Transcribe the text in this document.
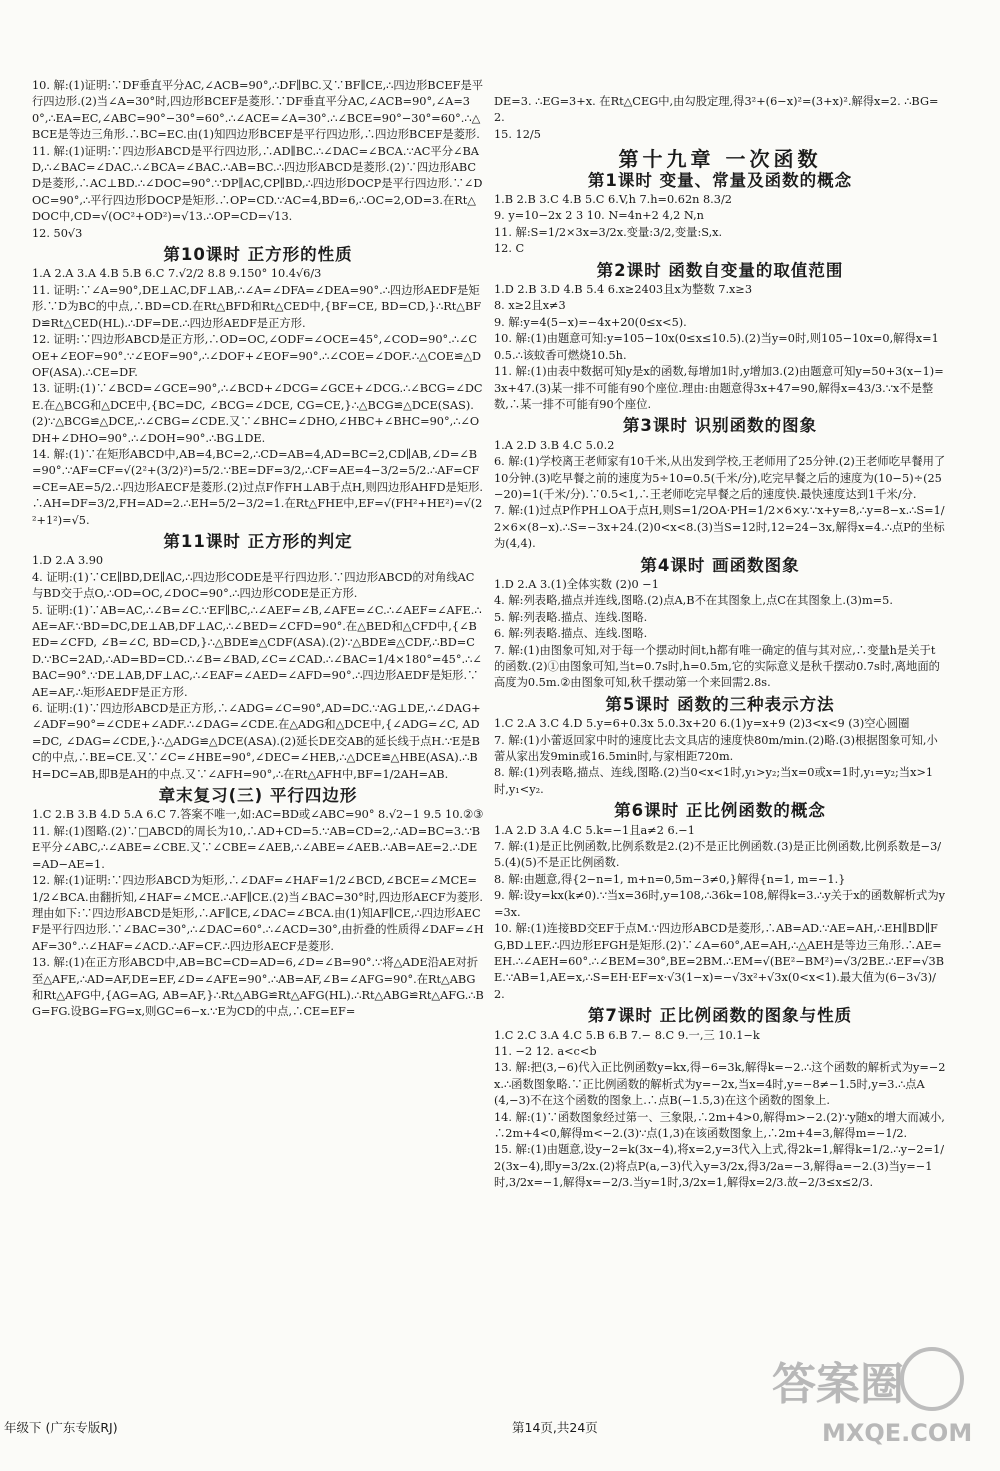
10. 解:(1)证明:∵DF垂直平分AC,∠ACB=90°,∴DF∥BC.又∵BF∥CE,∴四边形BCEF是平行四边形.(2)当∠A=30°时,四边形BCEF是菱形.∵DF垂直平分AC,∠ACB=90°,∠A=30°,∴EA=EC,∠ABC=90°−30°=60°.∴∠ACE=∠A=30°.∴∠BCE=90°−30°=60°.∴△BCE是等边三角形.∴BC=EC.由(1)知四边形BCEF是平行四边形,∴四边形BCEF是菱形.

11. 解:(1)证明:∵四边形ABCD是平行四边形,∴AD∥BC.∴∠DAC=∠BCA.∵AC平分∠BAD,∴∠BAC=∠DAC.∴∠BCA=∠BAC.∴AB=BC.∴四边形ABCD是菱形.(2)∵四边形ABCD是菱形,∴AC⊥BD.∴∠DOC=90°.∵DP∥AC,CP∥BD,∴四边形DOCP是平行四边形.∵∠DOC=90°,∴平行四边形DOCP是矩形.∴OP=CD.∵AC=4,BD=6,∴OC=2,OD=3.在Rt△DOC中,CD=√(OC²+OD²)=√13.∴OP=CD=√13.

12. 50√3

第10课时 正方形的性质

1.A 2.A 3.A 4.B 5.B 6.C 7.√2/2 8.8 9.150° 10.4√6/3

11. 证明:∵∠A=90°,DE⊥AC,DF⊥AB,∴∠A=∠DFA=∠DEA=90°.∴四边形AEDF是矩形.∵D为BC的中点,∴BD=CD.在Rt△BFD和Rt△CED中,{BF=CE, BD=CD,}∴Rt△BFD≌Rt△CED(HL).∴DF=DE.∴四边形AEDF是正方形.

12. 证明:∵四边形ABCD是正方形,∴OD=OC,∠ODF=∠OCE=45°,∠COD=90°.∴∠COE+∠EOF=90°.∵∠EOF=90°,∴∠DOF+∠EOF=90°.∴∠COE=∠DOF.∴△COE≌△DOF(ASA).∴CE=DF.

13. 证明:(1)∵∠BCD=∠GCE=90°,∴∠BCD+∠DCG=∠GCE+∠DCG.∴∠BCG=∠DCE.在△BCG和△DCE中,{BC=DC, ∠BCG=∠DCE, CG=CE,}∴△BCG≌△DCE(SAS).(2)∵△BCG≌△DCE,∴∠CBG=∠CDE.又∵∠BHC=∠DHO,∠HBC+∠BHC=90°,∴∠ODH+∠DHO=90°.∴∠DOH=90°.∴BG⊥DE.

14. 解:(1)∵在矩形ABCD中,AB=4,BC=2,∴CD=AB=4,AD=BC=2,CD∥AB,∠D=∠B=90°.∵AF=CF=√(2²+(3/2)²)=5/2.∵BE=DF=3/2,∴CF=AE=4−3/2=5/2.∴AF=CF=CE=AE=5/2.∴四边形AECF是菱形.(2)过点F作FH⊥AB于点H,则四边形AHFD是矩形.∴AH=DF=3/2,FH=AD=2.∴EH=5/2−3/2=1.在Rt△FHE中,EF=√(FH²+HE²)=√(2²+1²)=√5.

第11课时 正方形的判定

1.D 2.A 3.90

4. 证明:(1)∵CE∥BD,DE∥AC,∴四边形CODE是平行四边形.∵四边形ABCD的对角线AC与BD交于点O,∴OD=OC,∠DOC=90°.∴四边形CODE是正方形.

5. 证明:(1)∵AB=AC,∴∠B=∠C.∵EF∥BC,∴∠AEF=∠B,∠AFE=∠C.∴∠AEF=∠AFE.∴AE=AF.∵BD=DC,DE⊥AB,DF⊥AC,∴∠BED=∠CFD=90°.在△BED和△CFD中,{∠BED=∠CFD, ∠B=∠C, BD=CD,}∴△BDE≌△CDF(ASA).(2)∵△BDE≌△CDF,∴BD=CD.∵BC=2AD,∴AD=BD=CD.∴∠B=∠BAD,∠C=∠CAD.∴∠BAC=1/4×180°=45°.∴∠BAC=90°.∵DE⊥AB,DF⊥AC,∴∠EAF=∠AED=∠AFD=90°.∴四边形AEDF是矩形.∵AE=AF,∴矩形AEDF是正方形.

6. 证明:(1)∵四边形ABCD是正方形,∴∠ADG=∠C=90°,AD=DC.∵AG⊥DE,∴∠DAG+∠ADF=90°=∠CDE+∠ADF.∴∠DAG=∠CDE.在△ADG和△DCE中,{∠ADG=∠C, AD=DC, ∠DAG=∠CDE,}∴△ADG≌△DCE(ASA).(2)延长DE交AB的延长线于点H.∵E是BC的中点,∴BE=CE.又∵∠C=∠HBE=90°,∠DEC=∠HEB,∴△DCE≌△HBE(ASA).∴BH=DC=AB,即B是AH的中点.又∵∠AFH=90°,∴在Rt△AFH中,BF=1/2AH=AB.

章末复习(三) 平行四边形

1.C 2.B 3.B 4.D 5.A 6.C 7.答案不唯一,如:AC=BD或∠ABC=90° 8.√2−1 9.5 10.②③

11. 解:(1)图略.(2)∵□ABCD的周长为10,∴AD+CD=5.∵AB=CD=2,∴AD=BC=3.∵BE平分∠ABC,∴∠ABE=∠CBE.又∵∠CBE=∠AEB,∴∠ABE=∠AEB.∴AB=AE=2.∴DE=AD−AE=1.

12. 解:(1)证明:∵四边形ABCD为矩形,∴∠DAF=∠HAF=1/2∠BCD,∠BCE=∠MCE=1/2∠BCA.由翻折知,∠HAF=∠MCE.∴AF∥CE.(2)当∠BAC=30°时,四边形AECF为菱形.理由如下:∵四边形ABCD是矩形,∴AF∥CE,∠DAC=∠BCA.由(1)知AF∥CE,∴四边形AECF是平行四边形.∵∠BAC=30°,∴∠DAC=60°.∴∠ACD=30°,由折叠的性质得∠DAF=∠HAF=30°.∴∠HAF=∠ACD.∴AF=CF.∴四边形AECF是菱形.

13. 解:(1)在正方形ABCD中,AB=BC=CD=AD=6,∠D=∠B=90°.∵将△ADE沿AE对折至△AFE,∴AD=AF,DE=EF,∠D=∠AFE=90°.∴AB=AF,∠B=∠AFG=90°.在Rt△ABG和Rt△AFG中,{AG=AG, AB=AF,}∴Rt△ABG≌Rt△AFG(HL).∴Rt△ABG≌Rt△AFG.∴BG=FG.设BG=FG=x,则GC=6−x.∵E为CD的中点,∴CE=EF=

DE=3. ∴EG=3+x. 在Rt△CEG中,由勾股定理,得3²+(6−x)²=(3+x)².解得x=2. ∴BG=2.

15. 12/5

第十九章 一次函数
第1课时 变量、常量及函数的概念

1.B 2.B 3.C 4.B 5.C 6.V,h 7.h=0.62n 8.3/2

9. y=10−2x 2 3 10. N=4n+2 4,2 N,n

11. 解:S=1/2×3x=3/2x.变量:3/2,变量:S,x.

12. C

第2课时 函数自变量的取值范围

1.D 2.B 3.D 4.B 5.4 6.x≥2403且x为整数 7.x≥3

8. x≥2且x≠3

9. 解:y=4(5−x)=−4x+20(0≤x<5).

10. 解:(1)由题意可知:y=105−10x(0≤x≤10.5).(2)当y=0时,则105−10x=0,解得x=10.5.∴该蚊香可燃烧10.5h.

11. 解:(1)由表中数据可知y是x的函数,每增加1时,y增加3.(2)由题意可知y=50+3(x−1)=3x+47.(3)某一排不可能有90个座位.理由:由题意得3x+47=90,解得x=43/3.∵x不是整数,∴某一排不可能有90个座位.

第3课时 识别函数的图象

1.A 2.D 3.B 4.C 5.0.2

6. 解:(1)学校离王老师家有10千米,从出发到学校,王老师用了25分钟.(2)王老师吃早餐用了10分钟.(3)吃早餐之前的速度为5÷10=0.5(千米/分),吃完早餐之后的速度为(10−5)÷(25−20)=1(千米/分).∵0.5<1,∴王老师吃完早餐之后的速度快.最快速度达到1千米/分.

7. 解:(1)过点P作PH⊥OA于点H,则S=1/2OA·PH=1/2×6×y.∵x+y=8,∴y=8−x.∴S=1/2×6×(8−x).∴S=−3x+24.(2)0<x<8.(3)当S=12时,12=24−3x,解得x=4.∴点P的坐标为(4,4).

第4课时 画函数图象

1.D 2.A 3.(1)全体实数 (2)0 −1

4. 解:列表略,描点并连线,图略.(2)点A,B不在其图象上,点C在其图象上.(3)m=5.

5. 解:列表略.描点、连线.图略.

6. 解:列表略.描点、连线.图略.

7. 解:(1)由图象可知,对于每一个摆动时间t,h都有唯一确定的值与其对应,∴变量h是关于t的函数.(2)①由图象可知,当t=0.7s时,h=0.5m,它的实际意义是秋千摆动0.7s时,离地面的高度为0.5m.②由图象可知,秋千摆动第一个来回需2.8s.

第5课时 函数的三种表示方法

1.C 2.A 3.C 4.D 5.y=6+0.3x 5.0.3x+20 6.(1)y=x+9 (2)3<x<9 (3)空心圆圈

7. 解:(1)小蕾返回家中时的速度比去文具店的速度快80m/min.(2)略.(3)根据图象可知,小蕾从家出发9min或16.5min时,与家相距720m.

8. 解:(1)列表略,描点、连线,图略.(2)当0<x<1时,y₁>y₂;当x=0或x=1时,y₁=y₂;当x>1时,y₁<y₂.

第6课时 正比例函数的概念

1.A 2.D 3.A 4.C 5.k=−1且a≠2 6.−1

7. 解:(1)是正比例函数,比例系数是2.(2)不是正比例函数.(3)是正比例函数,比例系数是−3/5.(4)(5)不是正比例函数.

8. 解:由题意,得{2−n=1, m+n=0,5m−3≠0,}解得{n=1, m=−1.}

9. 解:设y=kx(k≠0).∵当x=36时,y=108,∴36k=108,解得k=3.∴y关于x的函数解析式为y=3x.

10. 解:(1)连接BD交EF于点M.∵四边形ABCD是菱形,∴AB=AD.∵AE=AH,∴EH∥BD∥FG,BD⊥EF.∴四边形EFGH是矩形.(2)∵∠A=60°,AE=AH,∴△AEH是等边三角形.∴AE=EH.∴∠AEH=60°.∴∠BEM=30°,BE=2BM.∴EM=√(BE²−BM²)=√3/2BE.∴EF=√3BE.∵AB=1,AE=x,∴S=EH·EF=x·√3(1−x)=−√3x²+√3x(0<x<1).最大值为(6−3√3)/2.

第7课时 正比例函数的图象与性质

1.C 2.C 3.A 4.C 5.B 6.B 7.− 8.C 9.一,三 10.1−k

11. −2 12. a<c<b

13. 解:把(3,−6)代入正比例函数y=kx,得−6=3k,解得k=−2.∴这个函数的解析式为y=−2x.∴函数图象略.∵正比例函数的解析式为y=−2x,当x=4时,y=−8≠−1.5时,y=3.∴点A(4,−3)不在这个函数的图象上.∴点B(−1.5,3)在这个函数的图象上.

14. 解:(1)∵函数图象经过第一、三象限,∴2m+4>0,解得m>−2.(2)∵y随x的增大而减小,∴2m+4<0,解得m<−2.(3)∵点(1,3)在该函数图象上,∴2m+4=3,解得m=−1/2.

15. 解:(1)由题意,设y−2=k(3x−4),将x=2,y=3代入上式,得2k=1,解得k=1/2.∴y−2=1/2(3x−4),即y=3/2x.(2)将点P(a,−3)代入y=3/2x,得3/2a=−3,解得a=−2.(3)当y=−1时,3/2x=−1,解得x=−2/3.当y=1时,3/2x=1,解得x=2/3.故−2/3≤x≤2/3.

年级下 (广东专版RJ)	第14页,共24页
答案圈
MXQE.COM
